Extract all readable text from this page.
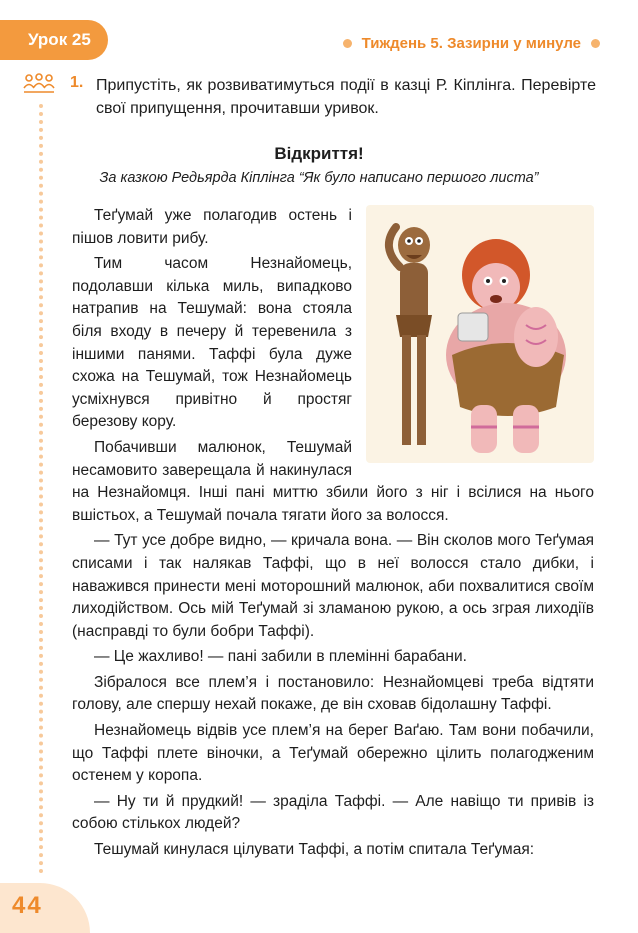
Урок 25	Тиждень 5. Зазирни у минуле
1. Припустіть, як розвиватимуться події в казці Р. Кіплінга. Перевірте свої припущення, прочитавши уривок.
Відкриття!
За казкою Редьярда Кіплінга “Як було написано першого листа”

Теґумай уже полагодив остень і пішов ловити рибу.

Тим часом Незнайомець, подолавши кілька миль, випадково натрапив на Тешумай: вона стояла біля входу в печеру й теревенила з іншими панями. Таффі була дуже схожа на Тешумай, тож Незнайомець усміхнувся привітно й простяг березову кору.

Побачивши малюнок, Тешумай несамовито заверещала й накинулася на Незнайомця. Інші пані миттю збили його з ніг і всілися на нього вшістьох, а Тешумай почала тягати його за волосся.

— Тут усе добре видно, — кричала вона. — Він сколов мого Теґумая списами і так налякав Таффі, що в неї волосся стало дибки, і наважився принести мені моторошний малюнок, аби похвалитися своїм лиходійством. Ось мій Теґумай зі зламаною рукою, а ось зграя лиходіїв (насправді то були бобри Таффі).

— Це жахливо! — пані забили в племінні барабани.

Зібралося все плем’я і постановило: Незнайомцеві треба відтяти голову, але спершу нехай покаже, де він сховав бідолашну Таффі.

Незнайомець відвів усе плем’я на берег Ваґаю. Там вони побачили, що Таффі плете віночки, а Теґумай обережно цілить полагодженим остенем у коропа.

— Ну ти й прудкий! — зраділа Таффі. — Але навіщо ти привів із собою стількох людей?

Тешумай кинулася цілувати Таффі, а потім спитала Теґумая:

44
